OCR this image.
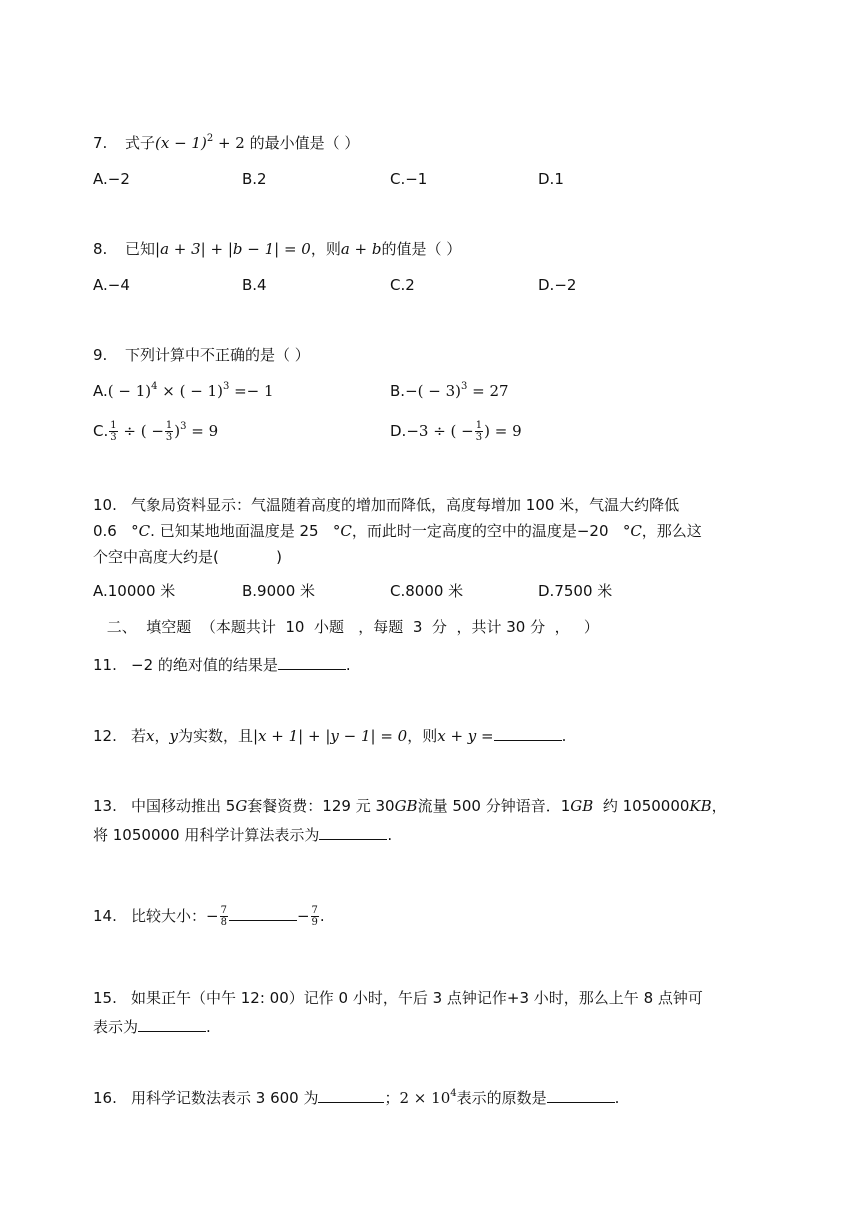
7. 式子$(x - 1)^2 + 2$ 的最小值是（ ）
A.−2	B.2	C.−1	D.1
8. 已知|a + 3| + |b − 1| = 0，则a + b的值是（ ）
A.−4	B.4	C.2	D.−2
9. 下列计算中不正确的是（ ）
$A.( - 1)^4$ × ( − 1)$^3$ =− 1	$B.-( - 3)^3 = 27$
C. $\frac{1}{3}$ ÷ ( − $\frac{1}{3} )^3 = 9$	D.−3 ÷ ( − $\frac{1}{3}$ ) = 9
10. 气象局资料显示：气温随着高度的增加而降低，高度每增加 100 米，气温大约降低
0.6   °C. 已知某地地面温度是 25   °C，而此时一定高度的空中的温度是−20   °C，那么这
个空中高度大约是(            )
A.10000 米	B.9000 米	C.8000 米	D.7500 米
二、  填空题  （本题共计  10  小题   ，每题  3  分  ，共计 30 分  ，   ）
11. −2 的绝对值的结果是	.
12. 若x，y为实数，且|x + 1| + |y − 1| = 0，则x + y =	.
13. 中国移动推出 5G套餐资费：129 元 30GB流量 500 分钟语音．1GB  约 1050000KB，
将 1050000 用科学计算法表示为	.
14. 比较大小：− $\frac{7}{8}$	− $\frac{7}{9}$ .
15. 如果正午（中午 12: 00）记作 0 小时，午后 3 点钟记作+3 小时，那么上午 8 点钟可
表示为	.
16. 用科学记数法表示 3 600 为	；$2 \times 10^4$表示的原数是	.
